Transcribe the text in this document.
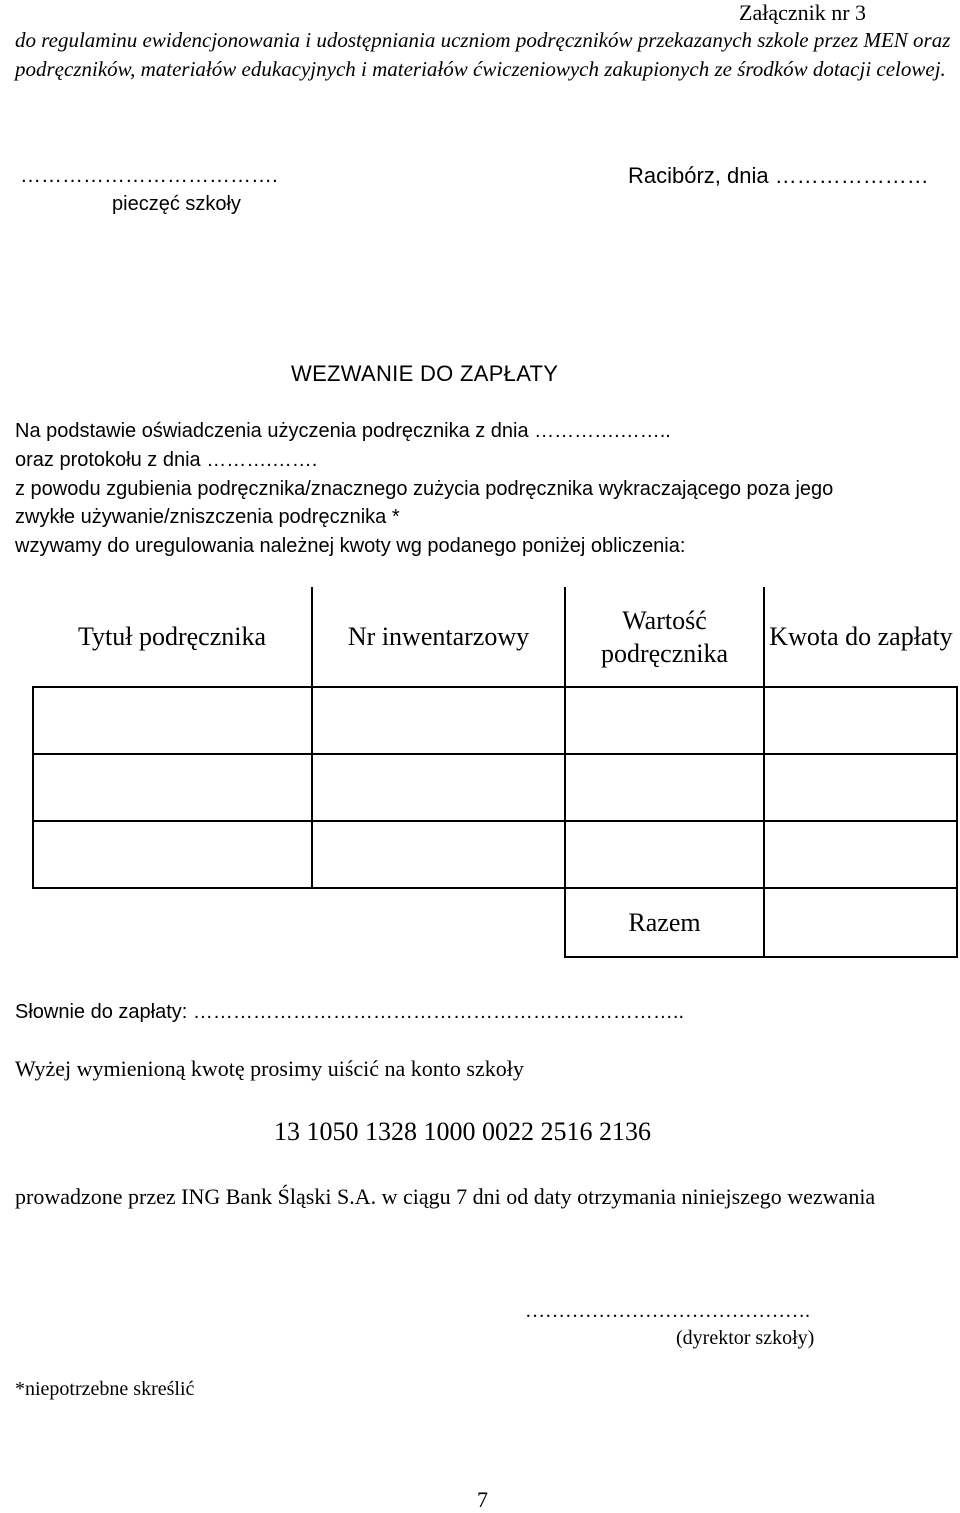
Załącznik nr 3
do regulaminu ewidencjonowania i udostępniania uczniom podręczników przekazanych szkole przez MEN oraz podręczników, materiałów edukacyjnych i materiałów ćwiczeniowych zakupionych ze środków dotacji celowej.
……………………………….
pieczęć szkoły
Racibórz, dnia …………………
WEZWANIE DO ZAPŁATY
Na podstawie oświadczenia użyczenia podręcznika z dnia ………….……..
oraz protokołu z dnia ……….…….
z powodu zgubienia podręcznika/znacznego zużycia podręcznika wykraczającego poza jego
zwykłe używanie/zniszczenia podręcznika *
wzywamy do uregulowania należnej kwoty wg podanego poniżej obliczenia:
Tytuł podręcznika	Nr inwentarzowy	Wartość podręcznika	Kwota do zapłaty

		Razem	
Słownie do zapłaty: ………………………………………………………………..
Wyżej wymienioną kwotę prosimy uiścić na konto szkoły
13 1050 1328 1000 0022 2516 2136
prowadzone przez ING Bank Śląski S.A. w ciągu 7 dni od daty otrzymania niniejszego wezwania
…………………………………….
(dyrektor szkoły)
*niepotrzebne skreślić
7
